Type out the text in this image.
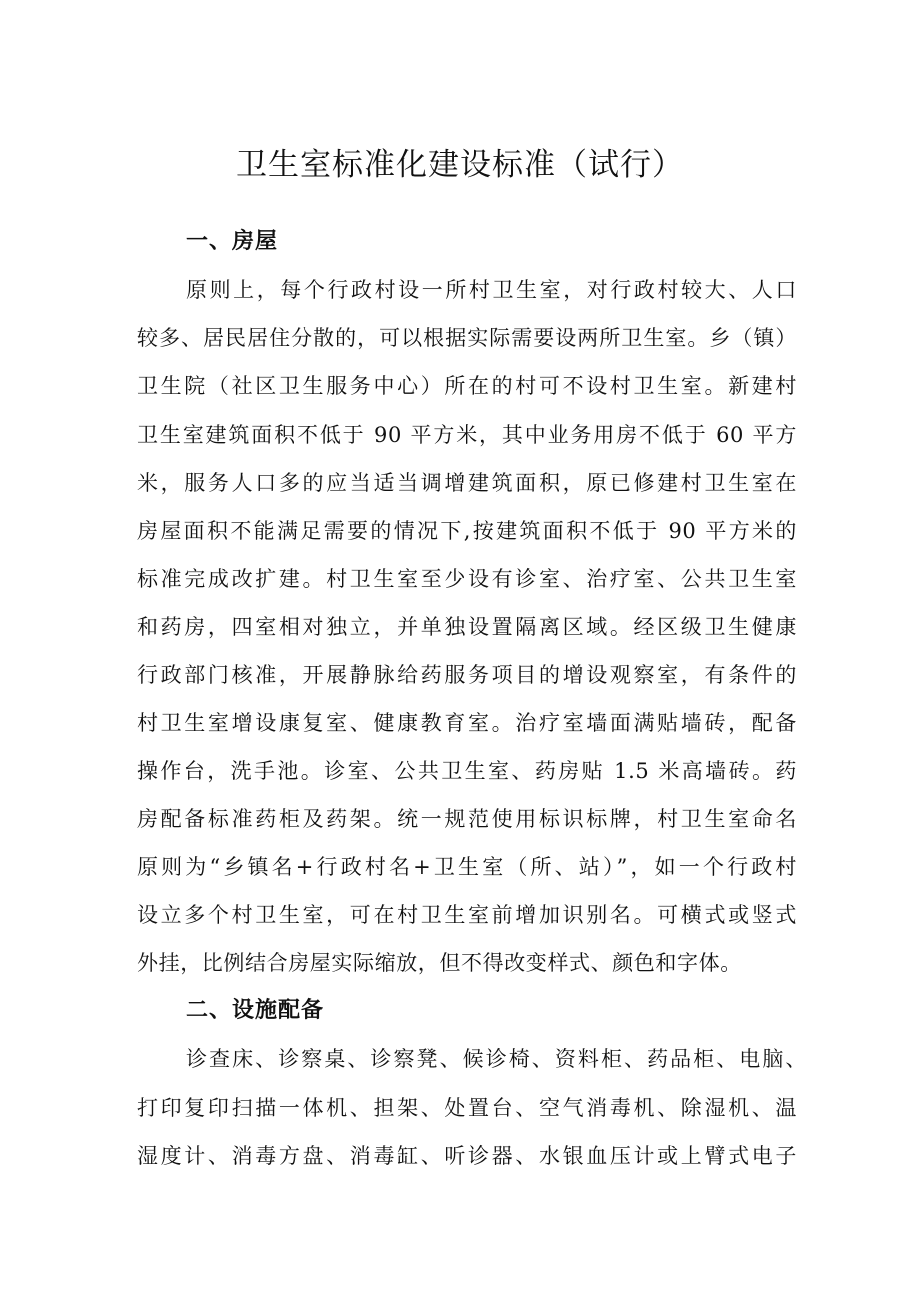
卫生室标准化建设标准（试行）
一、房屋

原则上，每个行政村设一所村卫生室，对行政村较大、人口

较多、居民居住分散的，可以根据实际需要设两所卫生室。乡（镇）

卫生院（社区卫生服务中心）所在的村可不设村卫生室。新建村

卫生室建筑面积不低于 90 平方米，其中业务用房不低于 60 平方

米，服务人口多的应当适当调增建筑面积，原已修建村卫生室在

房屋面积不能满足需要的情况下,按建筑面积不低于 90 平方米的

标准完成改扩建。村卫生室至少设有诊室、治疗室、公共卫生室

和药房，四室相对独立，并单独设置隔离区域。经区级卫生健康

行政部门核准，开展静脉给药服务项目的增设观察室，有条件的

村卫生室增设康复室、健康教育室。治疗室墙面满贴墙砖，配备

操作台，洗手池。诊室、公共卫生室、药房贴 1.5 米高墙砖。药

房配备标准药柜及药架。统一规范使用标识标牌，村卫生室命名

原则为“乡镇名+行政村名+卫生室（所、站）”，如一个行政村

设立多个村卫生室，可在村卫生室前增加识别名。可横式或竖式

外挂，比例结合房屋实际缩放，但不得改变样式、颜色和字体。

二、设施配备

诊查床、诊察桌、诊察凳、候诊椅、资料柜、药品柜、电脑、

打印复印扫描一体机、担架、处置台、空气消毒机、除湿机、温

湿度计、消毒方盘、消毒缸、听诊器、水银血压计或上臂式电子
